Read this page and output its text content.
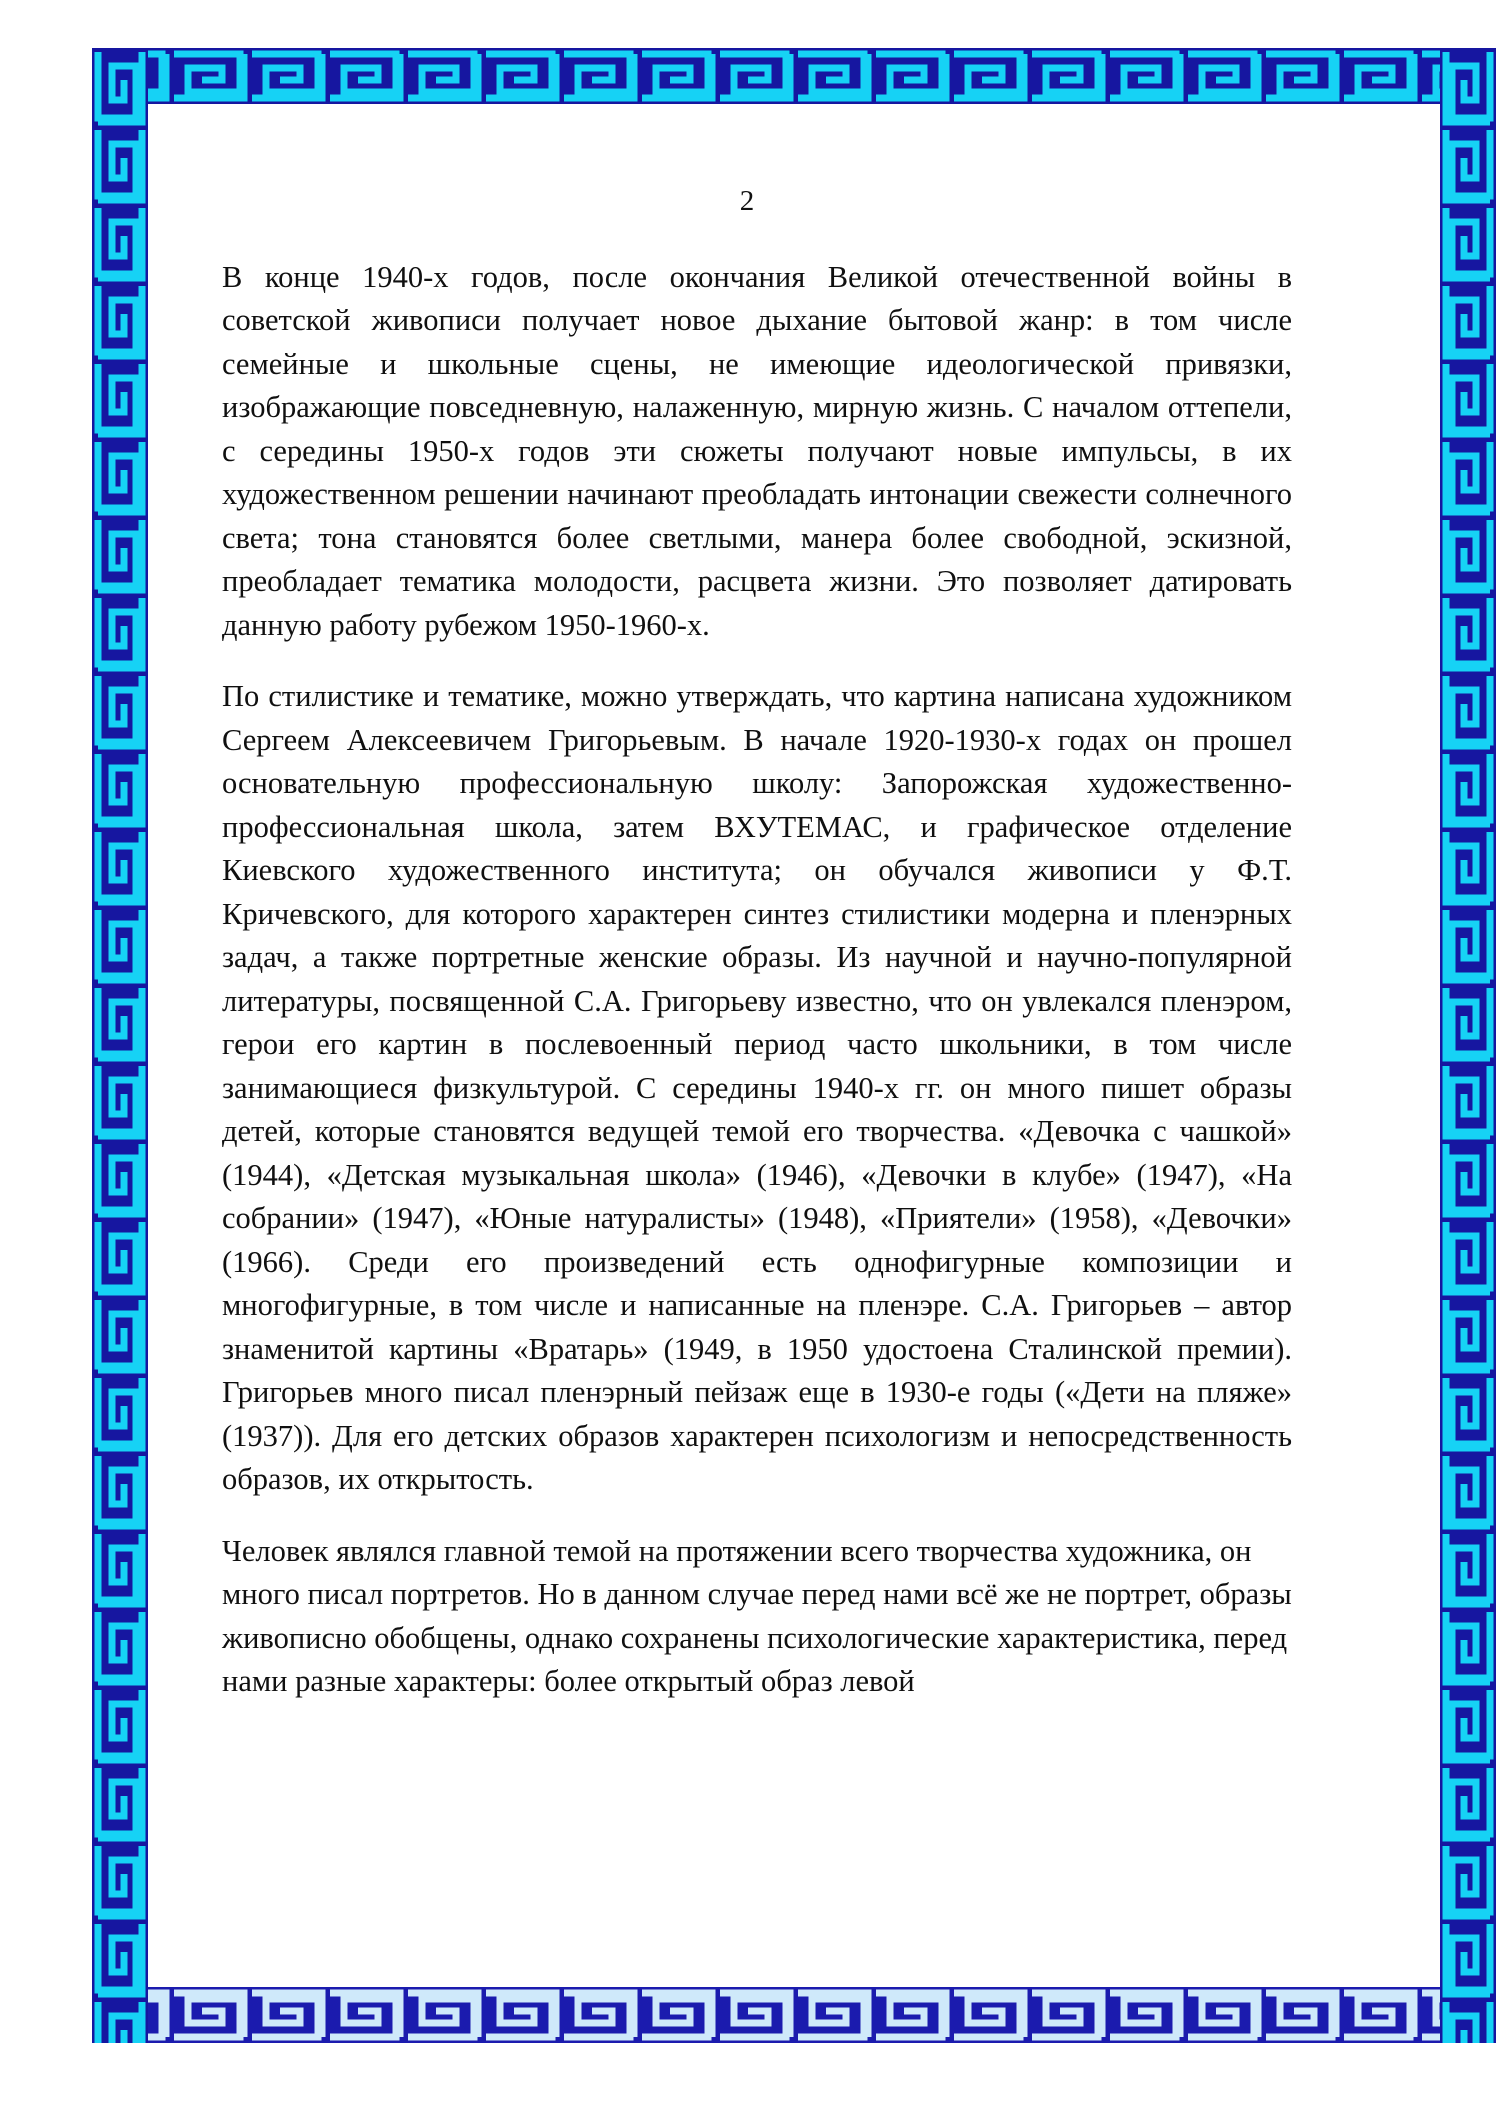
2

В конце 1940-х годов, после окончания Великой отечественной войны в советской живописи получает новое дыхание бытовой жанр: в том числе семейные и школьные сцены, не имеющие идеологической привязки, изображающие повседневную, налаженную, мирную жизнь. С началом оттепели, с середины 1950-х годов эти сюжеты получают новые импульсы, в их художественном решении начинают преобладать интонации свежести солнечного света; тона становятся более светлыми, манера более свободной, эскизной, преобладает тематика молодости, расцвета жизни. Это позволяет датировать данную работу рубежом 1950-1960-х.

По стилистике и тематике, можно утверждать, что картина написана художником Сергеем Алексеевичем Григорьевым. В начале 1920-1930-х годах он прошел основательную профессиональную школу: Запорожская художественно-профессиональная школа, затем ВХУТЕМАС, и графическое отделение Киевского художественного института; он обучался живописи у Ф.Т. Кричевского, для которого характерен синтез стилистики модерна и пленэрных задач, а также портретные женские образы. Из научной и научно-популярной литературы, посвященной С.А. Григорьеву известно, что он увлекался пленэром, герои его картин в послевоенный период часто школьники, в том числе занимающиеся физкультурой. С середины 1940-х гг. он много пишет образы детей, которые становятся ведущей темой его творчества. «Девочка с чашкой» (1944), «Детская музыкальная школа» (1946), «Девочки в клубе» (1947), «На собрании» (1947), «Юные натуралисты» (1948), «Приятели» (1958), «Девочки» (1966). Среди его произведений есть однофигурные композиции и многофигурные, в том числе и написанные на пленэре. С.А. Григорьев – автор знаменитой картины «Вратарь» (1949, в 1950 удостоена Сталинской премии). Григорьев много писал пленэрный пейзаж еще в 1930-е годы («Дети на пляже» (1937)). Для его детских образов характерен психологизм и непосредственность образов, их открытость.

Человек являлся главной темой на протяжении всего творчества художника, он много писал портретов. Но в данном случае перед нами всё же не портрет, образы живописно обобщены, однако сохранены психологические характеристика, перед нами разные характеры: более открытый образ левой
